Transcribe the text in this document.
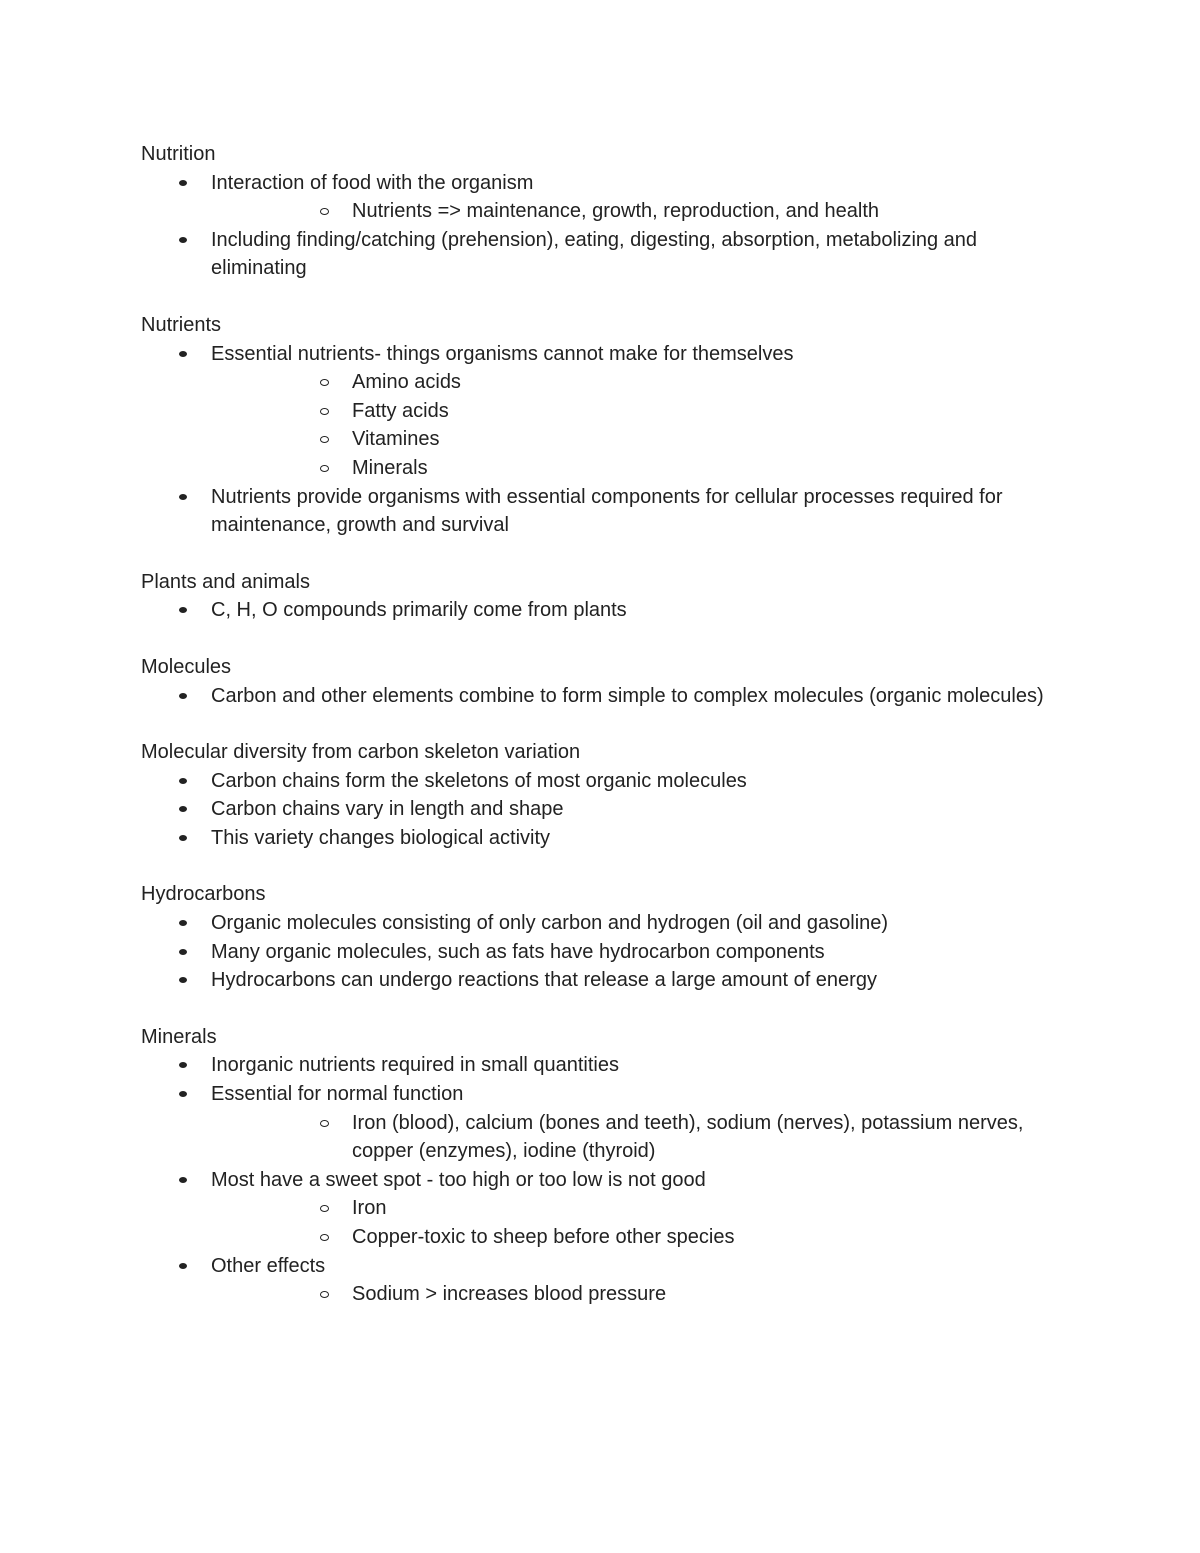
Nutrition

Interaction of food with the organism
Nutrients => maintenance, growth, reproduction, and health
Including finding/catching (prehension), eating, digesting, absorption, metabolizing and eliminating

Nutrients

Essential nutrients- things organisms cannot make for themselves
Amino acids
Fatty acids
Vitamines
Minerals
Nutrients provide organisms with essential components for cellular processes required for maintenance, growth and survival

Plants and animals

C, H, O compounds primarily come from plants

Molecules

Carbon and other elements combine to form simple to complex molecules (organic molecules)

Molecular diversity from carbon skeleton variation

Carbon chains form the skeletons of most organic molecules
Carbon chains vary in length and shape
This variety changes biological activity

Hydrocarbons

Organic molecules consisting of only carbon and hydrogen (oil and gasoline)
Many organic molecules, such as fats have hydrocarbon components
Hydrocarbons can undergo reactions that release a large amount of energy

Minerals

Inorganic nutrients required in small quantities
Essential for normal function
Iron (blood), calcium (bones and teeth), sodium (nerves), potassium nerves, copper (enzymes), iodine (thyroid)
Most have a sweet spot - too high or too low is not good
Iron
Copper-toxic to sheep before other species
Other effects
Sodium > increases blood pressure
